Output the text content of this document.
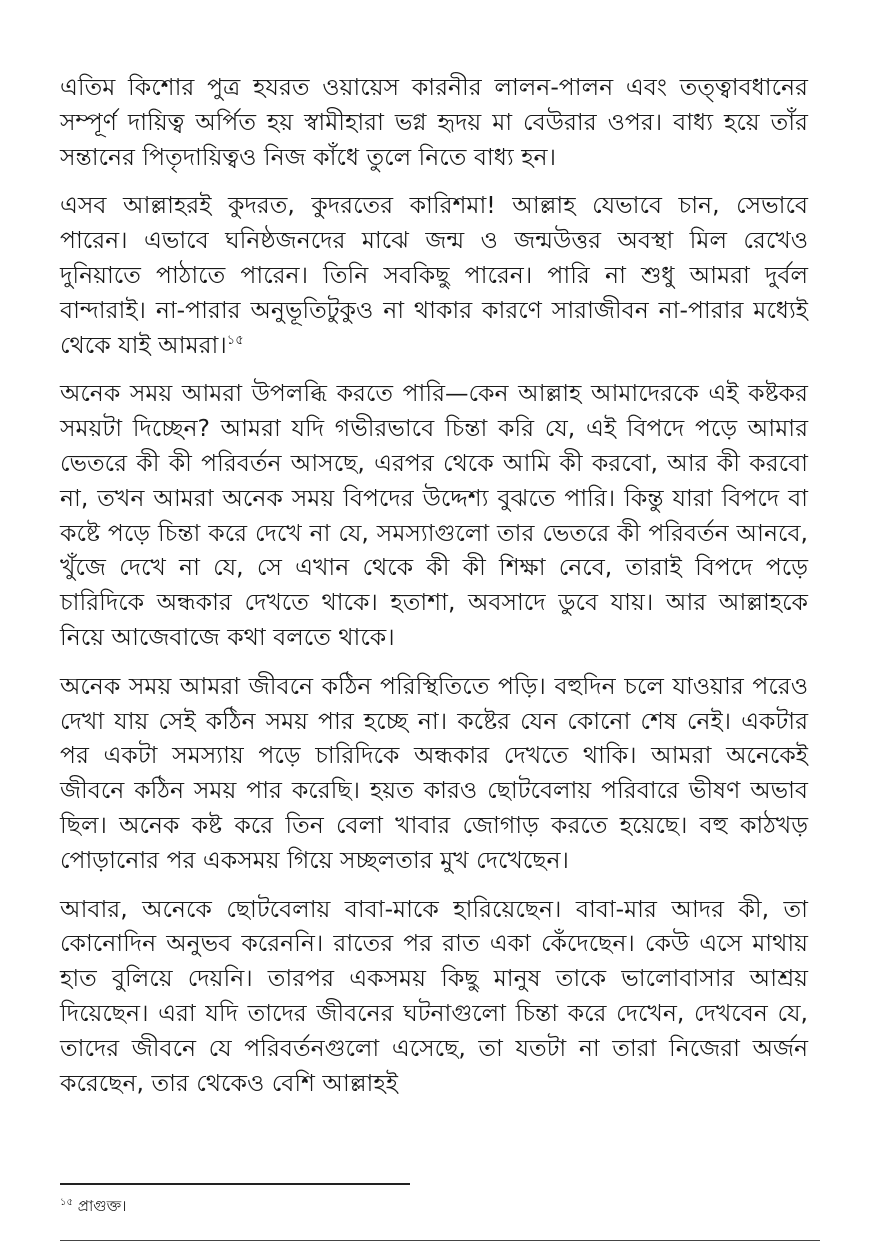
এতিম কিশোর পুত্র হযরত ওয়ায়েস কারনীর লালন-পালন এবং তত্ত্বাবধানের সম্পূর্ণ দায়িত্ব অর্পিত হয় স্বামীহারা ভগ্ন হৃদয় মা বেউরার ওপর। বাধ্য হয়ে তাঁর সন্তানের পিতৃদায়িত্বও নিজ কাঁধে তুলে নিতে বাধ্য হন।

এসব আল্লাহরই কুদরত, কুদরতের কারিশমা! আল্লাহ যেভাবে চান, সেভাবে পারেন। এভাবে ঘনিষ্ঠজনদের মাঝে জন্ম ও জন্মউত্তর অবস্থা মিল রেখেও দুনিয়াতে পাঠাতে পারেন। তিনি সবকিছু পারেন। পারি না শুধু আমরা দুর্বল বান্দারাই। না-পারার অনুভূতিটুকুও না থাকার কারণে সারাজীবন না-পারার মধ্যেই থেকে যাই আমরা।$^{১৫}$

অনেক সময় আমরা উপলব্ধি করতে পারি—কেন আল্লাহ আমাদেরকে এই কষ্টকর সময়টা দিচ্ছেন? আমরা যদি গভীরভাবে চিন্তা করি যে, এই বিপদে পড়ে আমার ভেতরে কী কী পরিবর্তন আসছে, এরপর থেকে আমি কী করবো, আর কী করবো না, তখন আমরা অনেক সময় বিপদের উদ্দেশ্য বুঝতে পারি। কিন্তু যারা বিপদে বা কষ্টে পড়ে চিন্তা করে দেখে না যে, সমস্যাগুলো তার ভেতরে কী পরিবর্তন আনবে, খুঁজে দেখে না যে, সে এখান থেকে কী কী শিক্ষা নেবে, তারাই বিপদে পড়ে চারিদিকে অন্ধকার দেখতে থাকে। হতাশা, অবসাদে ডুবে যায়। আর আল্লাহকে নিয়ে আজেবাজে কথা বলতে থাকে।

অনেক সময় আমরা জীবনে কঠিন পরিস্থিতিতে পড়ি। বহুদিন চলে যাওয়ার পরেও দেখা যায় সেই কঠিন সময় পার হচ্ছে না। কষ্টের যেন কোনো শেষ নেই। একটার পর একটা সমস্যায় পড়ে চারিদিকে অন্ধকার দেখতে থাকি। আমরা অনেকেই জীবনে কঠিন সময় পার করেছি। হয়ত কারও ছোটবেলায় পরিবারে ভীষণ অভাব ছিল। অনেক কষ্ট করে তিন বেলা খাবার জোগাড় করতে হয়েছে। বহু কাঠখড় পোড়ানোর পর একসময় গিয়ে সচ্ছলতার মুখ দেখেছেন।

আবার, অনেকে ছোটবেলায় বাবা-মাকে হারিয়েছেন। বাবা-মার আদর কী, তা কোনোদিন অনুভব করেননি। রাতের পর রাত একা কেঁদেছেন। কেউ এসে মাথায় হাত বুলিয়ে দেয়নি। তারপর একসময় কিছু মানুষ তাকে ভালোবাসার আশ্রয় দিয়েছেন। এরা যদি তাদের জীবনের ঘটনাগুলো চিন্তা করে দেখেন, দেখবেন যে, তাদের জীবনে যে পরিবর্তনগুলো এসেছে, তা যতটা না তারা নিজেরা অর্জন করেছেন, তার থেকেও বেশি আল্লাহই

$^{১৫}$ প্রাগুক্ত।
